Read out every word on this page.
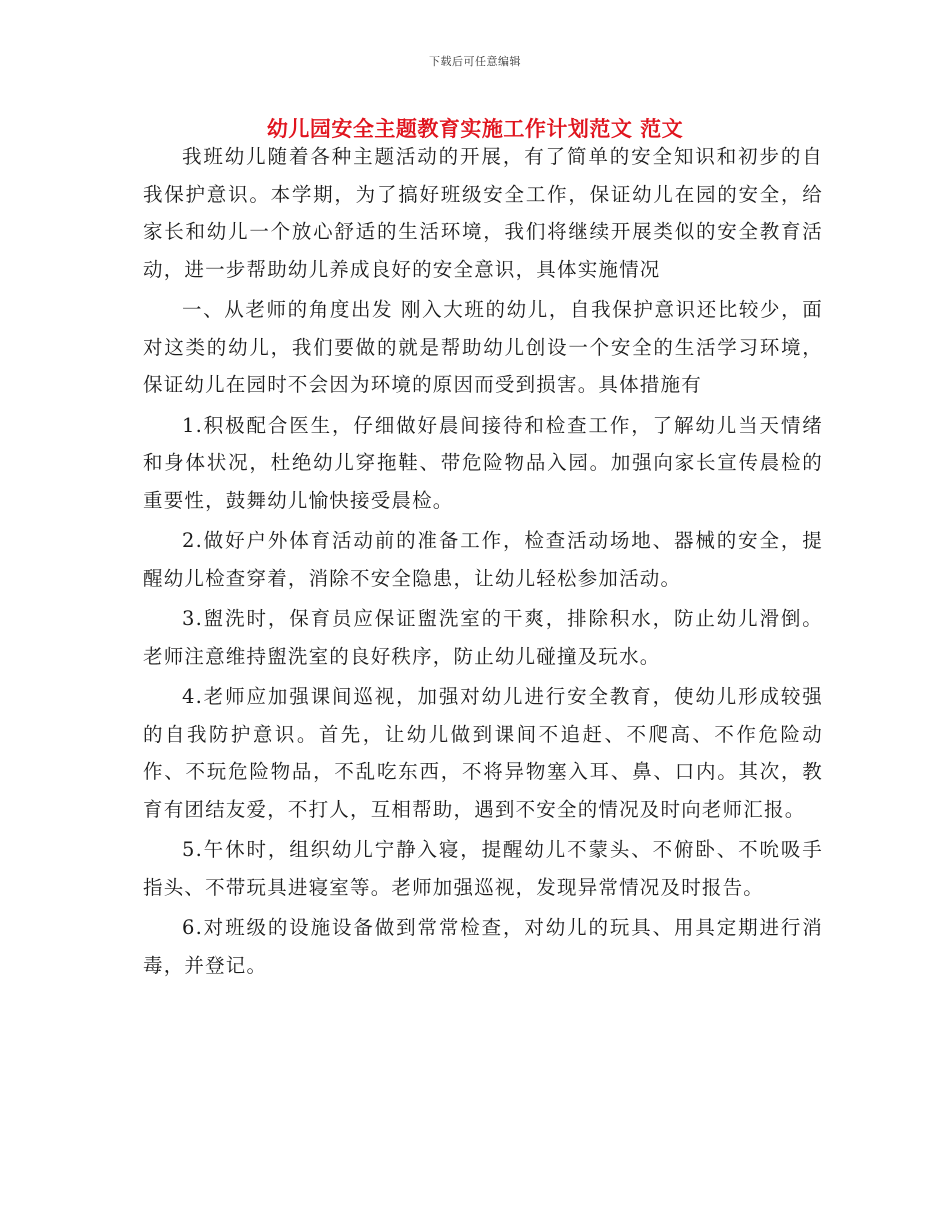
下载后可任意编辑
幼儿园安全主题教育实施工作计划范文 范文

我班幼儿随着各种主题活动的开展，有了简单的安全知识和初步的自我保护意识。本学期，为了搞好班级安全工作，保证幼儿在园的安全，给家长和幼儿一个放心舒适的生活环境，我们将继续开展类似的安全教育活动，进一步帮助幼儿养成良好的安全意识，具体实施情况

一、从老师的角度出发 刚入大班的幼儿，自我保护意识还比较少，面对这类的幼儿，我们要做的就是帮助幼儿创设一个安全的生活学习环境，保证幼儿在园时不会因为环境的原因而受到损害。具体措施有

1.积极配合医生，仔细做好晨间接待和检查工作，了解幼儿当天情绪和身体状况，杜绝幼儿穿拖鞋、带危险物品入园。加强向家长宣传晨检的重要性，鼓舞幼儿愉快接受晨检。

2.做好户外体育活动前的准备工作，检查活动场地、器械的安全，提醒幼儿检查穿着，消除不安全隐患，让幼儿轻松参加活动。

3.盥洗时，保育员应保证盥洗室的干爽，排除积水，防止幼儿滑倒。老师注意维持盥洗室的良好秩序，防止幼儿碰撞及玩水。

4.老师应加强课间巡视，加强对幼儿进行安全教育，使幼儿形成较强的自我防护意识。首先，让幼儿做到课间不追赶、不爬高、不作危险动作、不玩危险物品，不乱吃东西，不将异物塞入耳、鼻、口内。其次，教育有团结友爱，不打人，互相帮助，遇到不安全的情况及时向老师汇报。

5.午休时，组织幼儿宁静入寝，提醒幼儿不蒙头、不俯卧、不吮吸手指头、不带玩具进寝室等。老师加强巡视，发现异常情况及时报告。

6.对班级的设施设备做到常常检查，对幼儿的玩具、用具定期进行消毒，并登记。
